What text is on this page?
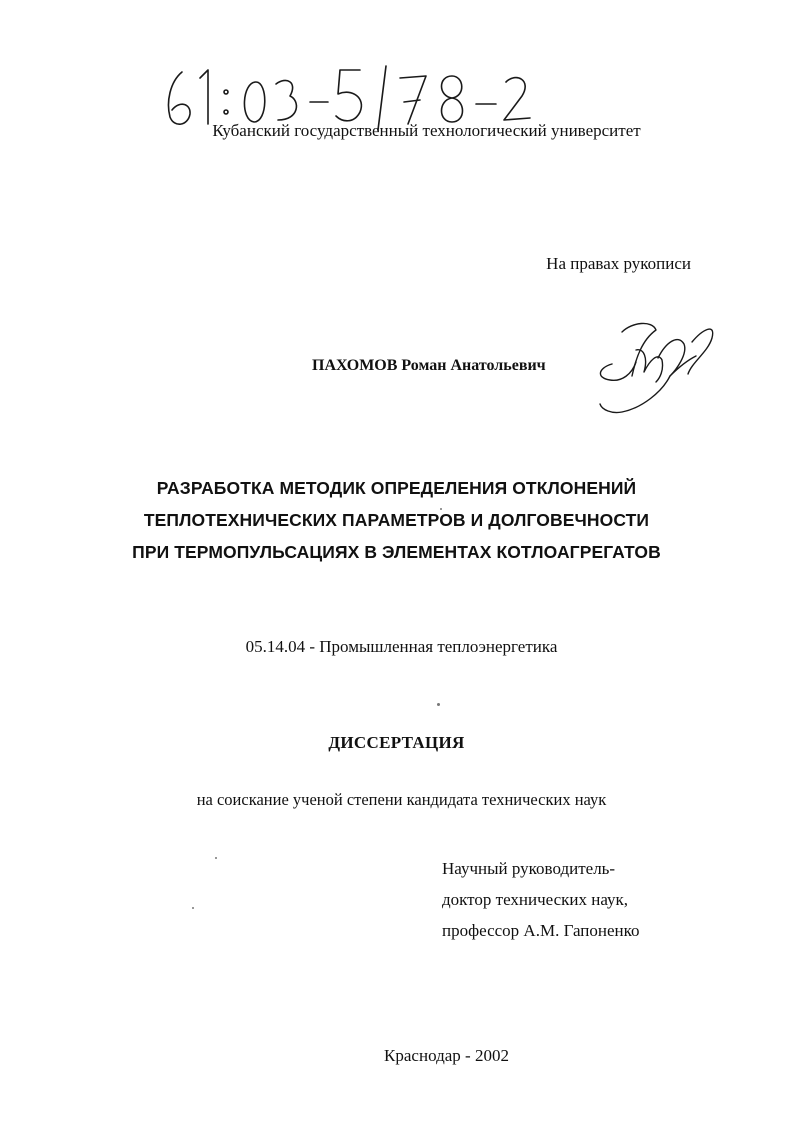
Кубанский государственный технологический университет
На правах рукописи
ПАХОМОВ Роман Анатольевич
РАЗРАБОТКА МЕТОДИК ОПРЕДЕЛЕНИЯ ОТКЛОНЕНИЙ
ТЕПЛОТЕХНИЧЕСКИХ ПАРАМЕТРОВ И ДОЛГОВЕЧНОСТИ
ПРИ ТЕРМОПУЛЬСАЦИЯХ В ЭЛЕМЕНТАХ КОТЛОАГРЕГАТОВ
05.14.04 - Промышленная теплоэнергетика
ДИССЕРТАЦИЯ
на соискание ученой степени кандидата технических наук
Научный руководитель-
доктор технических наук,
профессор А.М. Гапоненко
Краснодар - 2002
